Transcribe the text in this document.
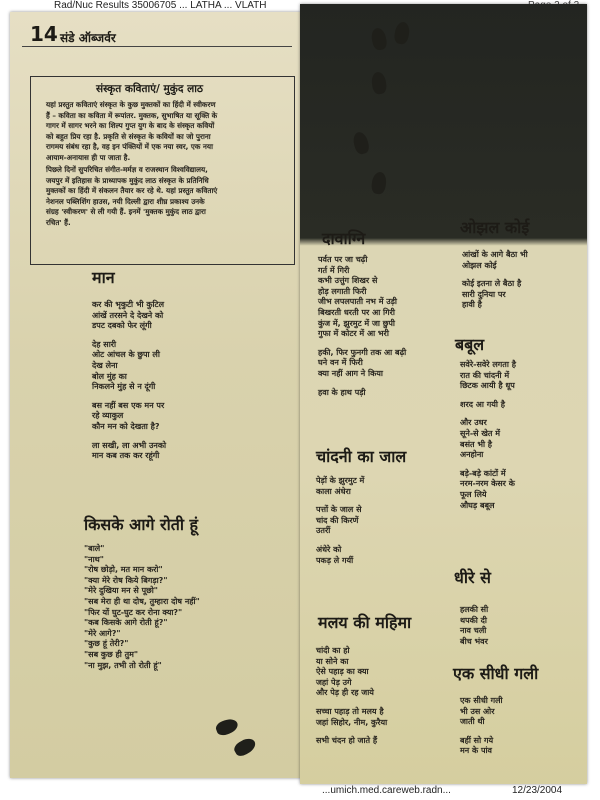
Rad/Nuc Results 35006705 ... LATHA ... VLATH
14 संडे ऑब्जर्वर
संस्कृत कविताएं/ मुकुंद लाठ
यहां प्रस्तुत कविताएं संस्कृत के कुछ मुक्तकों का हिंदी में स्वीकरण
हैं – कविता का कविता में रूपांतर. मुक्तक, सुभाषित या सूक्ति के
गागर में सागर भरने का शिल्प गुप्त युग के बाद के संस्कृत कवियों
को बहुत प्रिय रहा है. प्रकृति से संस्कृत के कवियों का जो पुराना
रागमय संबंध रहा है, वह इन पंक्तियों में एक नया स्वर, एक नया
आयाम-अनायास ही पा जाता है.
पिछले दिनों सुपरिचित संगीत-मर्मज्ञ व राजस्थान विश्वविद्यालय,
जयपुर में इतिहास के प्राध्यापक मुकुंद लाठ संस्कृत के प्रतिनिधि
मुक्तकों का हिंदी में संकलन तैयार कर रहे थे. यहां प्रस्तुत कविताएं
नेशनल पब्लिशिंग हाउस, नयी दिल्ली द्वारा शीघ्र प्रकाश्य उनके
संग्रह 'स्वीकरण' से ली गयी हैं. इनमें 'मुक्तक मुकुंद लाठ द्वारा
रचित' हैं.
मान
कर की भृकुटी भी कुटिल
आंखें तरसने दे देखने को
डपट दबको फेर लूंगी
देह सारी
ओट आंचल के छुपा ली
देख लेना
बोल मुंह का
निकलने मुंह से न दूंगी
बस नहीं बस एक मन पर
रहे व्याकुल
कौन मन को देखता है?
ला सखी, ला अभी उनको
मान कब तक कर रहूंगी
किसके आगे रोती हूं
"बाले"
"नाथ"
"रोष छोड़ो, मत मान करो"
"क्या मेरे रोष किये बिगड़ा?"
"मेरे दुखिया मन से पूछो"
"सब मेरा ही था दोष, तुम्हारा दोष नहीं"
"फिर यों घुट-घुट कर रोना क्या?"
"कब किसके आगे रोती हूं?"
"मेरे आगे?"
"कुछ हूं तेरी?"
"सब कुछ ही तुम"
"ना मुझ, तभी तो रोती हूं"
दावाग्नि
पर्वत पर जा चढ़ी
गर्त में गिरी
कभी उत्तुंग शिखर से
होड़ लगाती फिरी
जीभ लपलपाती नभ में उड़ी
बिखरती धरती पर आ गिरी
कुंज में, झुरमुट में जा छुपी
गुफा में कोटर में आ भरी
हकी, फिर फुनगी तक आ बढ़ी
घने वन में फिरी
क्या नहीं आग ने किया
हवा के हाथ पड़ी
चांदनी का जाल
पेड़ों के झुरमुट में
काला अंधेरा
पत्तों के जाल से
चांद की किरणें
उतरीं
अंधेरे को
पकड़ ले गयीं
मलय की महिमा
चांदी का हो
या सोने का
ऐसे पहाड़ का क्या
जहां पेड़ उगे
और पेड़ ही रह जाये
सच्चा पहाड़ तो मलय है
जहां सिहोर, नीम, कुरैया
सभी चंदन हो जाते हैं
ओझल कोई
आंखों के आगे बैठा भी
ओझल कोई
कोई इतना ले बैठा है
सारी दुनिया पर
हावी है
बबूल
सवेरे-सवेरे लगता है
रात की चांदनी में
छिटक आयी है धूप
शरद आ गयी है
और उधर
सूने-से खेत में
बसंत भी है
अनहोना
बड़े-बड़े कांटों में
नरम-नरम केसर के
फूल लिये
औघड़ बबूल
धीरे से
हलकी सी
थपकी दी
नाव चली
बीच भंवर
एक सीधी गली
एक सीधी गली
भी उस ओर
जाती थी
बहीं सो गये
मन के पांव
...umich.med.careweb.radn...	12/23/2004
